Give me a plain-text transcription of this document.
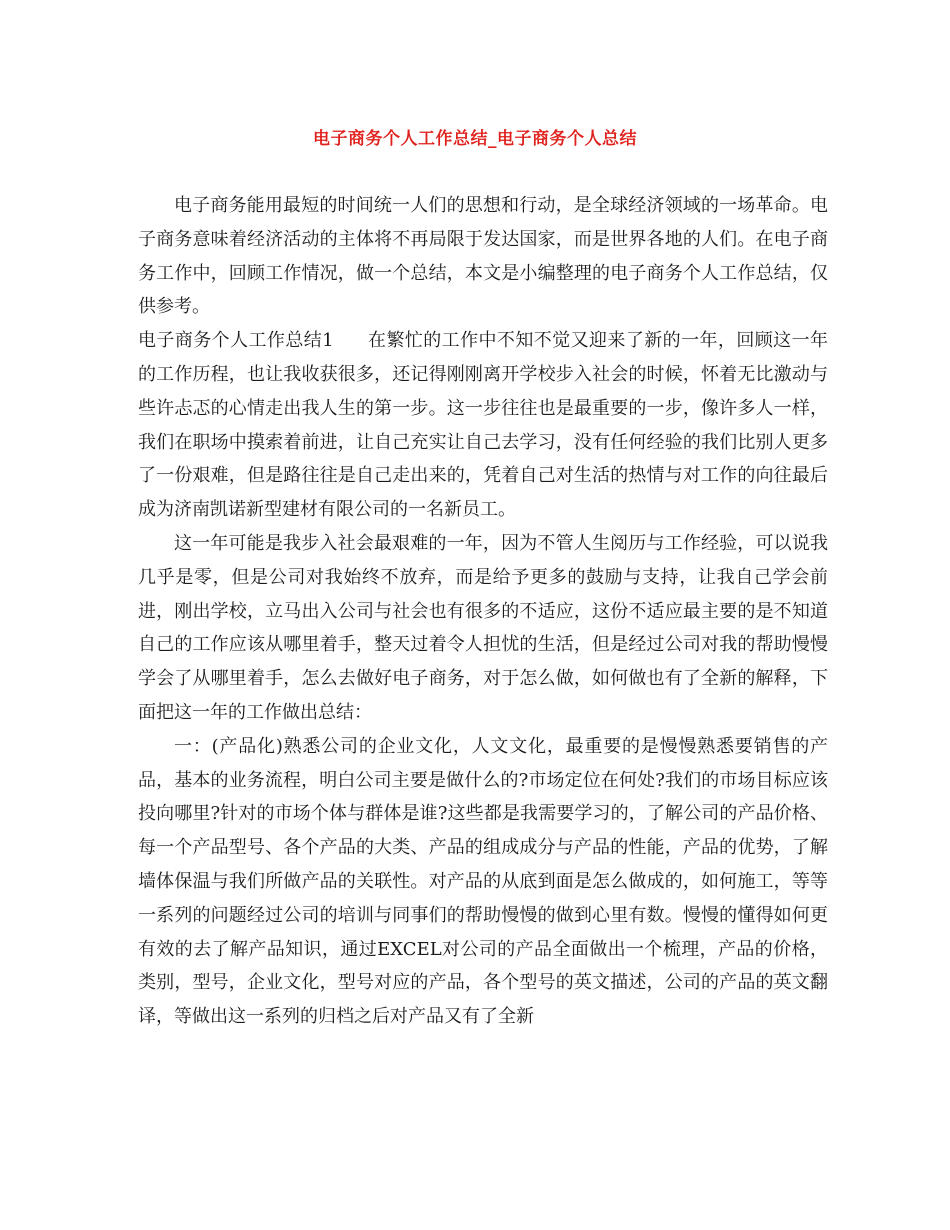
电子商务个人工作总结_电子商务个人总结

电子商务能用最短的时间统一人们的思想和行动，是全球经济领域的一场革命。电子商务意味着经济活动的主体将不再局限于发达国家，而是世界各地的人们。在电子商务工作中，回顾工作情况，做一个总结，本文是小编整理的电子商务个人工作总结，仅供参考。

电子商务个人工作总结1 在繁忙的工作中不知不觉又迎来了新的一年，回顾这一年的工作历程，也让我收获很多，还记得刚刚离开学校步入社会的时候，怀着无比激动与些许忐忑的心情走出我人生的第一步。这一步往往也是最重要的一步，像许多人一样，我们在职场中摸索着前进，让自己充实让自己去学习，没有任何经验的我们比别人更多了一份艰难，但是路往往是自己走出来的，凭着自己对生活的热情与对工作的向往最后成为济南凯诺新型建材有限公司的一名新员工。

这一年可能是我步入社会最艰难的一年，因为不管人生阅历与工作经验，可以说我几乎是零，但是公司对我始终不放弃，而是给予更多的鼓励与支持，让我自己学会前进，刚出学校，立马出入公司与社会也有很多的不适应，这份不适应最主要的是不知道自己的工作应该从哪里着手，整天过着令人担忧的生活，但是经过公司对我的帮助慢慢学会了从哪里着手，怎么去做好电子商务，对于怎么做，如何做也有了全新的解释，下面把这一年的工作做出总结：

一：(产品化)熟悉公司的企业文化，人文文化，最重要的是慢慢熟悉要销售的产品，基本的业务流程，明白公司主要是做什么的?市场定位在何处?我们的市场目标应该投向哪里?针对的市场个体与群体是谁?这些都是我需要学习的，了解公司的产品价格、每一个产品型号、各个产品的大类、产品的组成成分与产品的性能，产品的优势，了解墙体保温与我们所做产品的关联性。对产品的从底到面是怎么做成的，如何施工，等等一系列的问题经过公司的培训与同事们的帮助慢慢的做到心里有数。慢慢的懂得如何更有效的去了解产品知识，通过EXCEL对公司的产品全面做出一个梳理，产品的价格，类别，型号，企业文化，型号对应的产品，各个型号的英文描述，公司的产品的英文翻译，等做出这一系列的归档之后对产品又有了全新
